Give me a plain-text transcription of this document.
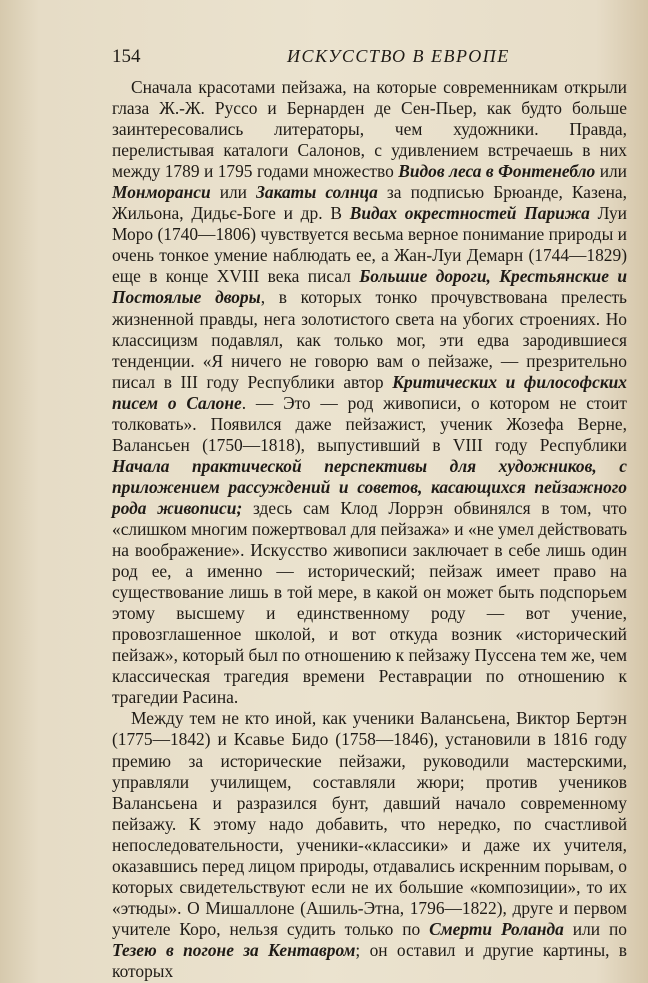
154	ИСКУССТВО В ЕВРОПЕ

Сначала красотами пейзажа, на которые современникам открыли глаза Ж.-Ж. Руссо и Бернарден де Сен-Пьер, как будто больше заинтересовались литераторы, чем художники. Правда, перелистывая каталоги Салонов, с удивлением встречаешь в них между 1789 и 1795 годами множество Видов леса в Фонтенебло или Монморанси или Закаты солнца за подписью Брюанде, Казена, Жильона, Дидьє-Боге и др. В Видах окрестностей Парижа Луи Моро (1740—1806) чувствуется весьма верное понимание природы и очень тонкое умение наблюдать ее, а Жан-Луи Демарн (1744—1829) еще в конце XVIII века писал Большие дороги, Крестьянские и Постоялые дворы, в которых тонко прочувствована прелесть жизненной правды, нега золотистого света на убогих строениях. Но классицизм подавлял, как только мог, эти едва зародившиеся тенденции. «Я ничего не говорю вам о пейзаже, — презрительно писал в III году Республики автор Критических и философских писем о Салоне. — Это — род живописи, о котором не стоит толковать». Появился даже пейзажист, ученик Жозефа Верне, Валансьен (1750—1818), выпустивший в VIII году Республики Начала практической перспективы для художников, с приложением рассуждений и советов, касающихся пейзажного рода живописи; здесь сам Клод Лоррэн обвинялся в том, что «слишком многим пожертвовал для пейзажа» и «не умел действовать на воображение». Искусство живописи заключает в себе лишь один род ее, а именно — исторический; пейзаж имеет право на существование лишь в той мере, в какой он может быть подспорьем этому высшему и единственному роду — вот учение, провозглашенное школой, и вот откуда возник «исторический пейзаж», который был по отношению к пейзажу Пуссена тем же, чем классическая трагедия времени Реставрации по отношению к трагедии Расина.

Между тем не кто иной, как ученики Валансьена, Виктор Бертэн (1775—1842) и Ксавье Бидо (1758—1846), установили в 1816 году премию за исторические пейзажи, руководили мастерскими, управляли училищем, составляли жюри; против учеников Валансьена и разразился бунт, давший начало современному пейзажу. К этому надо добавить, что нередко, по счастливой непоследовательности, ученики-«классики» и даже их учителя, оказавшись перед лицом природы, отдавались искренним порывам, о которых свидетельствуют если не их большие «композиции», то их «этюды». О Мишаллоне (Ашиль-Этна, 1796—1822), друге и первом учителе Коро, нельзя судить только по Смерти Роланда или по Тезею в погоне за Кентавром; он оставил и другие картины, в которых
